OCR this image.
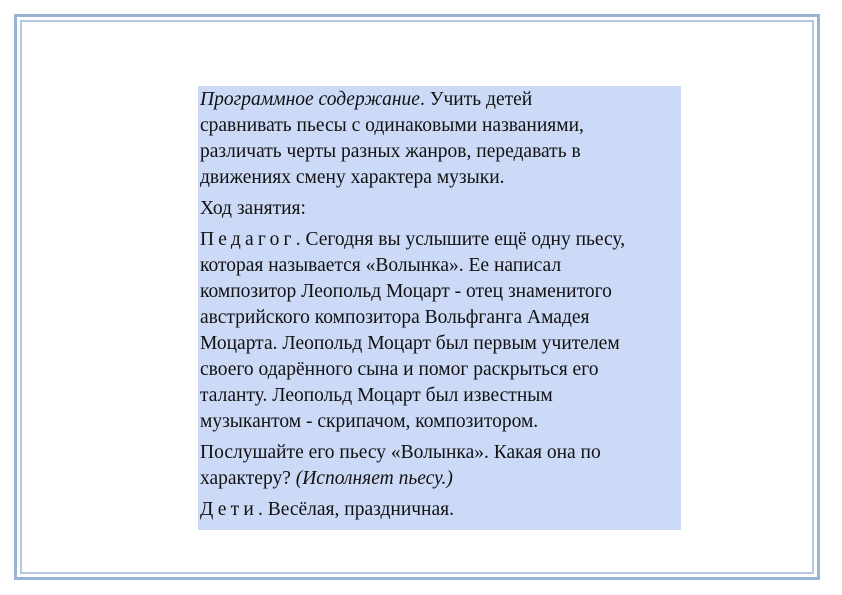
Программное содержание. Учить детей
сравнивать пьесы с одинаковыми названиями,
различать черты разных жанров, передавать в
движениях смену характера музыки.

Ход занятия:

Педагог. Сегодня вы услышите ещё одну пьесу,
которая называется «Волынка». Ее написал
композитор Леопольд Моцарт - отец знаменитого
австрийского композитора Вольфганга Амадея
Моцарта. Леопольд Моцарт был первым учителем
своего одарённого сына и помог раскрыться его
таланту. Леопольд Моцарт был известным
музыкантом - скрипачом, композитором.

Послушайте его пьесу «Волынка». Какая она по
характеру? (Исполняет пьесу.)

Дети. Весёлая, праздничная.
